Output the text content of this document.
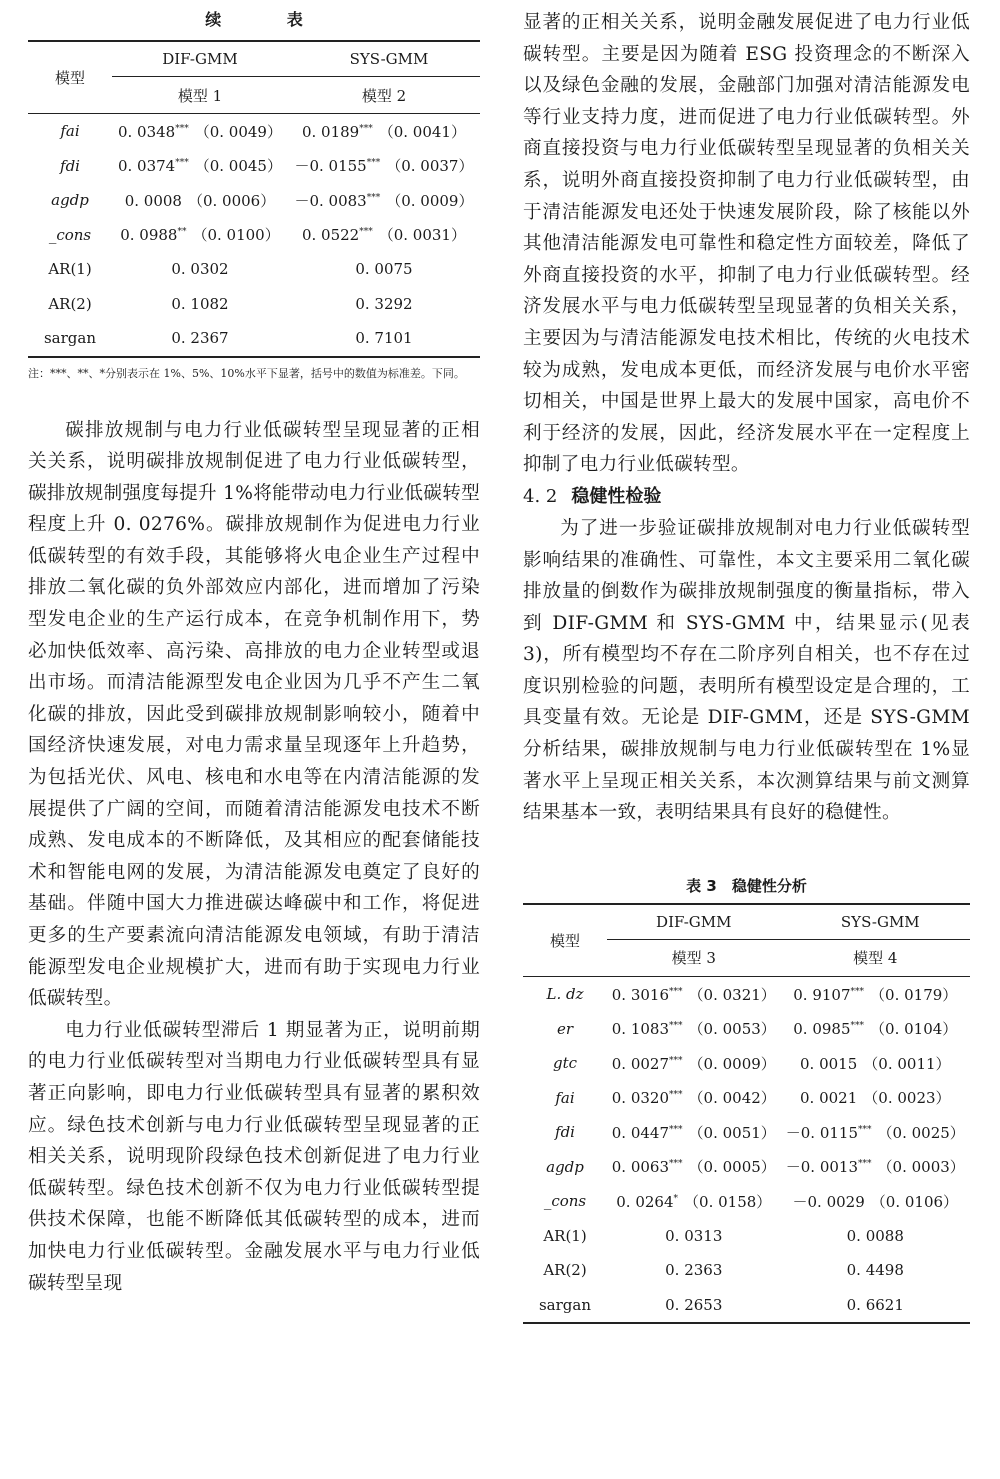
续 表
模型	DIF-GMM	SYS-GMM
	模型 1	模型 2
fai	0. 0348*** （0. 0049）	0. 0189*** （0. 0041）
fdi	0. 0374*** （0. 0045）	－0. 0155*** （0. 0037）
agdp	0. 0008 （0. 0006）	－0. 0083*** （0. 0009）
_cons	0. 0988** （0. 0100）	0. 0522*** （0. 0031）
AR(1)	0. 0302	0. 0075
AR(2)	0. 1082	0. 3292
sargan	0. 2367	0. 7101
注：***、**、*分别表示在 1%、5%、10%水平下显著，括号中的数值为标准差。下同。

碳排放规制与电力行业低碳转型呈现显著的正相关关系，说明碳排放规制促进了电力行业低碳转型，碳排放规制强度每提升 1%将能带动电力行业低碳转型程度上升 0. 0276%。碳排放规制作为促进电力行业低碳转型的有效手段，其能够将火电企业生产过程中排放二氧化碳的负外部效应内部化，进而增加了污染型发电企业的生产运行成本，在竞争机制作用下，势必加快低效率、高污染、高排放的电力企业转型或退出市场。而清洁能源型发电企业因为几乎不产生二氧化碳的排放，因此受到碳排放规制影响较小，随着中国经济快速发展，对电力需求量呈现逐年上升趋势，为包括光伏、风电、核电和水电等在内清洁能源的发展提供了广阔的空间，而随着清洁能源发电技术不断成熟、发电成本的不断降低，及其相应的配套储能技术和智能电网的发展，为清洁能源发电奠定了良好的基础。伴随中国大力推进碳达峰碳中和工作，将促进更多的生产要素流向清洁能源发电领域，有助于清洁能源型发电企业规模扩大，进而有助于实现电力行业低碳转型。

电力行业低碳转型滞后 1 期显著为正，说明前期的电力行业低碳转型对当期电力行业低碳转型具有显著正向影响，即电力行业低碳转型具有显著的累积效应。绿色技术创新与电力行业低碳转型呈现显著的正相关关系，说明现阶段绿色技术创新促进了电力行业低碳转型。绿色技术创新不仅为电力行业低碳转型提供技术保障，也能不断降低其低碳转型的成本，进而加快电力行业低碳转型。金融发展水平与电力行业低碳转型呈现

显著的正相关关系，说明金融发展促进了电力行业低碳转型。主要是因为随着 ESG 投资理念的不断深入以及绿色金融的发展，金融部门加强对清洁能源发电等行业支持力度，进而促进了电力行业低碳转型。外商直接投资与电力行业低碳转型呈现显著的负相关关系，说明外商直接投资抑制了电力行业低碳转型，由于清洁能源发电还处于快速发展阶段，除了核能以外其他清洁能源发电可靠性和稳定性方面较差，降低了外商直接投资的水平，抑制了电力行业低碳转型。经济发展水平与电力低碳转型呈现显著的负相关关系，主要因为与清洁能源发电技术相比，传统的火电技术较为成熟，发电成本更低，而经济发展与电价水平密切相关，中国是世界上最大的发展中国家，高电价不利于经济的发展，因此，经济发展水平在一定程度上抑制了电力行业低碳转型。

4. 2 稳健性检验

为了进一步验证碳排放规制对电力行业低碳转型影响结果的准确性、可靠性，本文主要采用二氧化碳排放量的倒数作为碳排放规制强度的衡量指标，带入到 DIF-GMM 和 SYS-GMM 中，结果显示(见表 3)，所有模型均不存在二阶序列自相关，也不存在过度识别检验的问题，表明所有模型设定是合理的，工具变量有效。无论是 DIF-GMM，还是 SYS-GMM 分析结果，碳排放规制与电力行业低碳转型在 1%显著水平上呈现正相关关系，本次测算结果与前文测算结果基本一致，表明结果具有良好的稳健性。

表 3　稳健性分析
模型	DIF-GMM	SYS-GMM
	模型 3	模型 4
L. dz	0. 3016*** （0. 0321）	0. 9107*** （0. 0179）
er	0. 1083*** （0. 0053）	0. 0985*** （0. 0104）
gtc	0. 0027*** （0. 0009）	0. 0015 （0. 0011）
fai	0. 0320*** （0. 0042）	0. 0021 （0. 0023）
fdi	0. 0447*** （0. 0051）	－0. 0115*** （0. 0025）
agdp	0. 0063*** （0. 0005）	－0. 0013*** （0. 0003）
_cons	0. 0264* （0. 0158）	－0. 0029 （0. 0106）
AR(1)	0. 0313	0. 0088
AR(2)	0. 2363	0. 4498
sargan	0. 2653	0. 6621
